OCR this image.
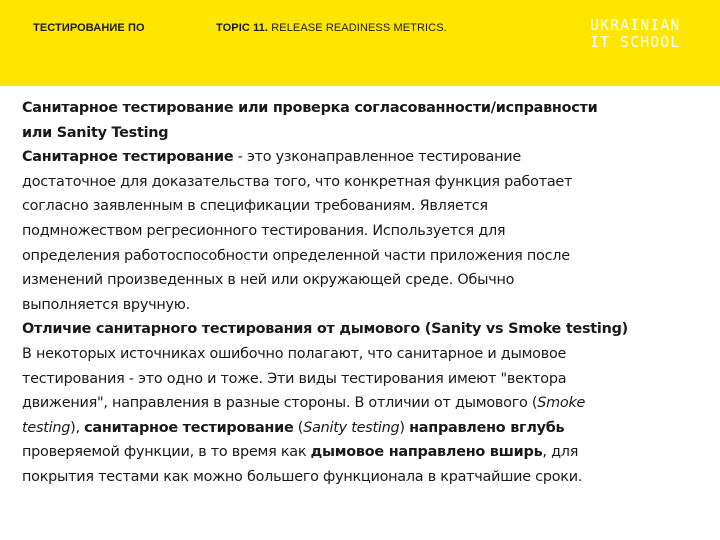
ТЕСТИРОВАНИЕ ПО	TOPIC 11. RELEASE READINESS METRICS.	UKRAINIAN
IT SCHOOL

Санитарное тестирование или проверка согласованности/исправности
или Sanity Testing

Санитарное тестирование - это узконаправленное тестирование
достаточное для доказательства того, что конкретная функция работает
согласно заявленным в спецификации требованиям. Является
подмножеством регресионного тестирования. Используется для
определения работоспособности определенной части приложения после
изменений произведенных в ней или окружающей среде. Обычно
выполняется вручную.

Отличие санитарного тестирования от дымового (Sanity vs Smoke testing)

В некоторых источниках ошибочно полагают, что санитарное и дымовое
тестирования - это одно и тоже. Эти виды тестирования имеют "вектора
движения", направления в разные стороны. В отличии от дымового (Smoke
testing), санитарное тестирование (Sanity testing) направлено вглубь
проверяемой функции, в то время как дымовое направлено вширь, для
покрытия тестами как можно большего функционала в кратчайшие сроки.
